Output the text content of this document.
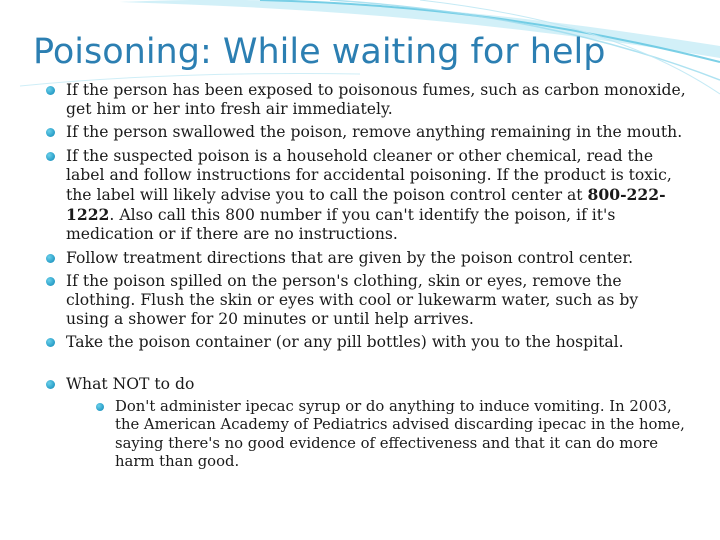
Poisoning: While waiting for help
If the person has been exposed to poisonous fumes, such as carbon monoxide, get him or her into fresh air immediately.
If the person swallowed the poison, remove anything remaining in the mouth.
If the suspected poison is a household cleaner or other chemical, read the label and follow instructions for accidental poisoning. If the product is toxic, the label will likely advise you to call the poison control center at 800-222-1222. Also call this 800 number if you can't identify the poison, if it's medication or if there are no instructions.
Follow treatment directions that are given by the poison control center.
If the poison spilled on the person's clothing, skin or eyes, remove the clothing. Flush the skin or eyes with cool or lukewarm water, such as by using a shower for 20 minutes or until help arrives.
Take the poison container (or any pill bottles) with you to the hospital.
What NOT to do
Don't administer ipecac syrup or do anything to induce vomiting. In 2003, the American Academy of Pediatrics advised discarding ipecac in the home, saying there's no good evidence of effectiveness and that it can do more harm than good.
